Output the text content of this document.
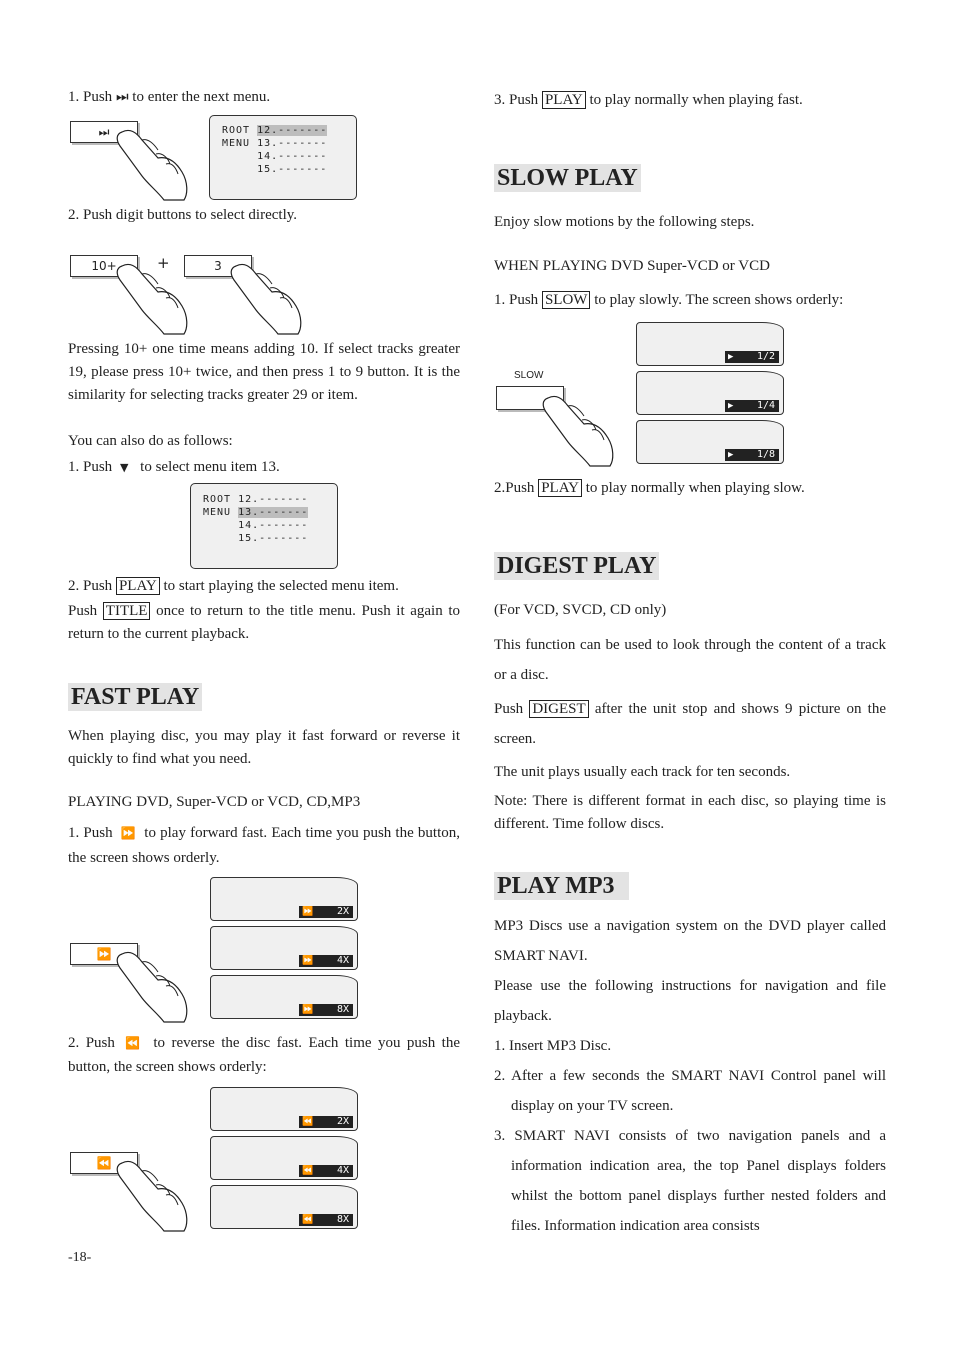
1. Push ⏭ to enter the next menu.

⏭	ROOT 12.-------
MENU 13.-------
14.-------
15.-------

2. Push digit buttons to select directly.

10+	+	3

Pressing 10+ one time means adding 10. If select tracks greater 19, please press 10+ twice, and then press 1 to 9 button. It is the similarity for selecting tracks greater 29 or item.

You can also do as follows:

1. Push ▼ to select menu item 13.

ROOT 12.-------
MENU 13.-------
14.-------
15.-------

2. Push PLAY to start playing the selected menu item.

Push TITLE once to return to the title menu. Push it again to return to the current playback.

FAST PLAY

When playing disc, you may play it fast forward or reverse it quickly to find what you need.

PLAYING DVD, Super-VCD or VCD, CD,MP3

1. Push ⏩ to play forward fast. Each time you push the button, the screen shows orderly.

⏩
⏩ 2X
⏩ 4X
⏩ 8X

2. Push ⏪ to reverse the disc fast. Each time you push the button, the screen shows orderly:

⏪
⏪ 2X
⏪ 4X
⏪ 8X

-18-

3. Push PLAY to play normally when playing fast.

SLOW PLAY

Enjoy slow motions by the following steps.

WHEN PLAYING DVD Super-VCD or VCD

1. Push SLOW to play slowly. The screen shows orderly:

SLOW
▶ 1/2
▶ 1/4
▶ 1/8

2.Push PLAY to play normally when playing slow.

DIGEST PLAY

(For VCD, SVCD, CD only)

This function can be used to look through the content of a track or a disc.

Push DIGEST after the unit stop and shows 9 picture on the screen.

The unit plays usually each track for ten seconds.

Note: There is different format in each disc, so playing time is different. Time follow discs.

PLAY MP3

MP3 Discs use a navigation system on the DVD player called SMART NAVI.

Please use the following instructions for navigation and file playback.

1. Insert MP3 Disc.

2. After a few seconds the SMART NAVI Control panel will display on your TV screen.

3. SMART NAVI consists of two navigation panels and a information indication area, the top Panel displays folders whilst the bottom panel displays further nested folders and files. Information indication area consists
